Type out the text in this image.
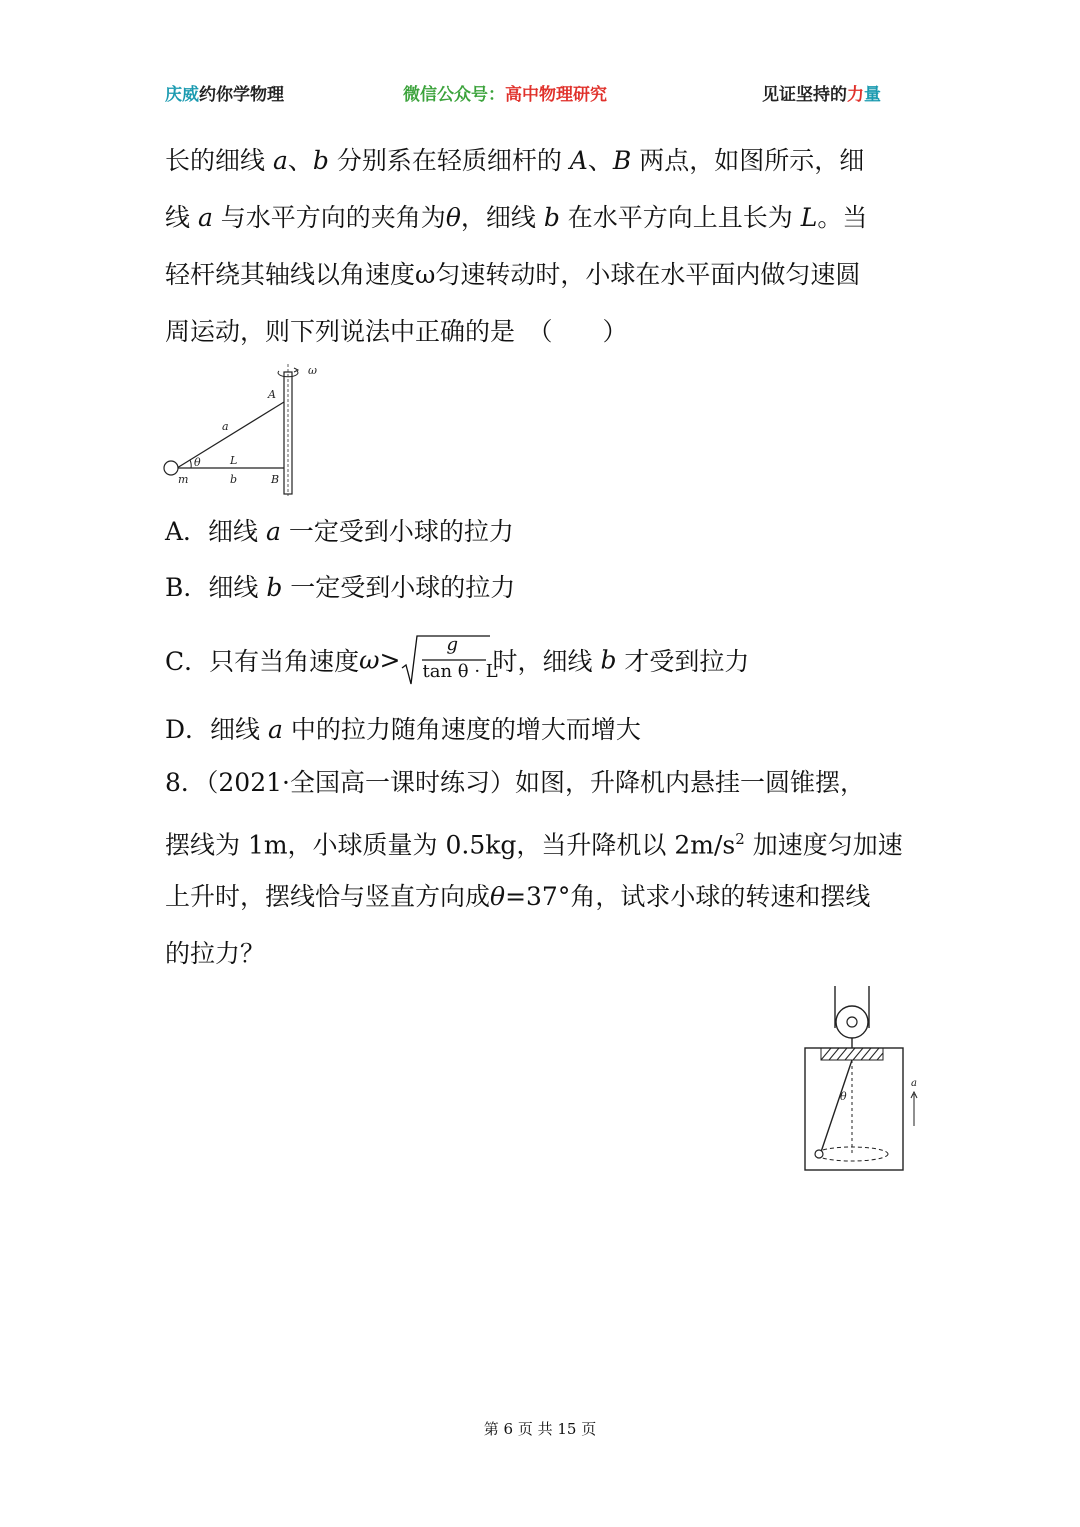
庆威约你学物理	微信公众号：高中物理研究	见证坚持的力量
长的细线 a、b 分别系在轻质细杆的 A、B 两点，如图所示，细
线 a 与水平方向的夹角为θ，细线 b 在水平方向上且长为 L。当
轻杆绕其轴线以角速度ω匀速转动时，小球在水平面内做匀速圆
周运动，则下列说法中正确的是　（　　）
ω
A
a
θ	L
m	b	B
A．细线 a 一定受到小球的拉力
B．细线 b 一定受到小球的拉力
C．只有当角速度ω>
g
tan θ · L
时，细线 b 才受到拉力
D．细线 a 中的拉力随角速度的增大而增大
8．（2021·全国高一课时练习）如图，升降机内悬挂一圆锥摆，
摆线为 1m，小球质量为 0.5kg，当升降机以 $2m/s^2$ 加速度匀加速
上升时，摆线恰与竖直方向成θ=37°角，试求小球的转速和摆线
的拉力？
θ
a
第 6 页 共 15 页
